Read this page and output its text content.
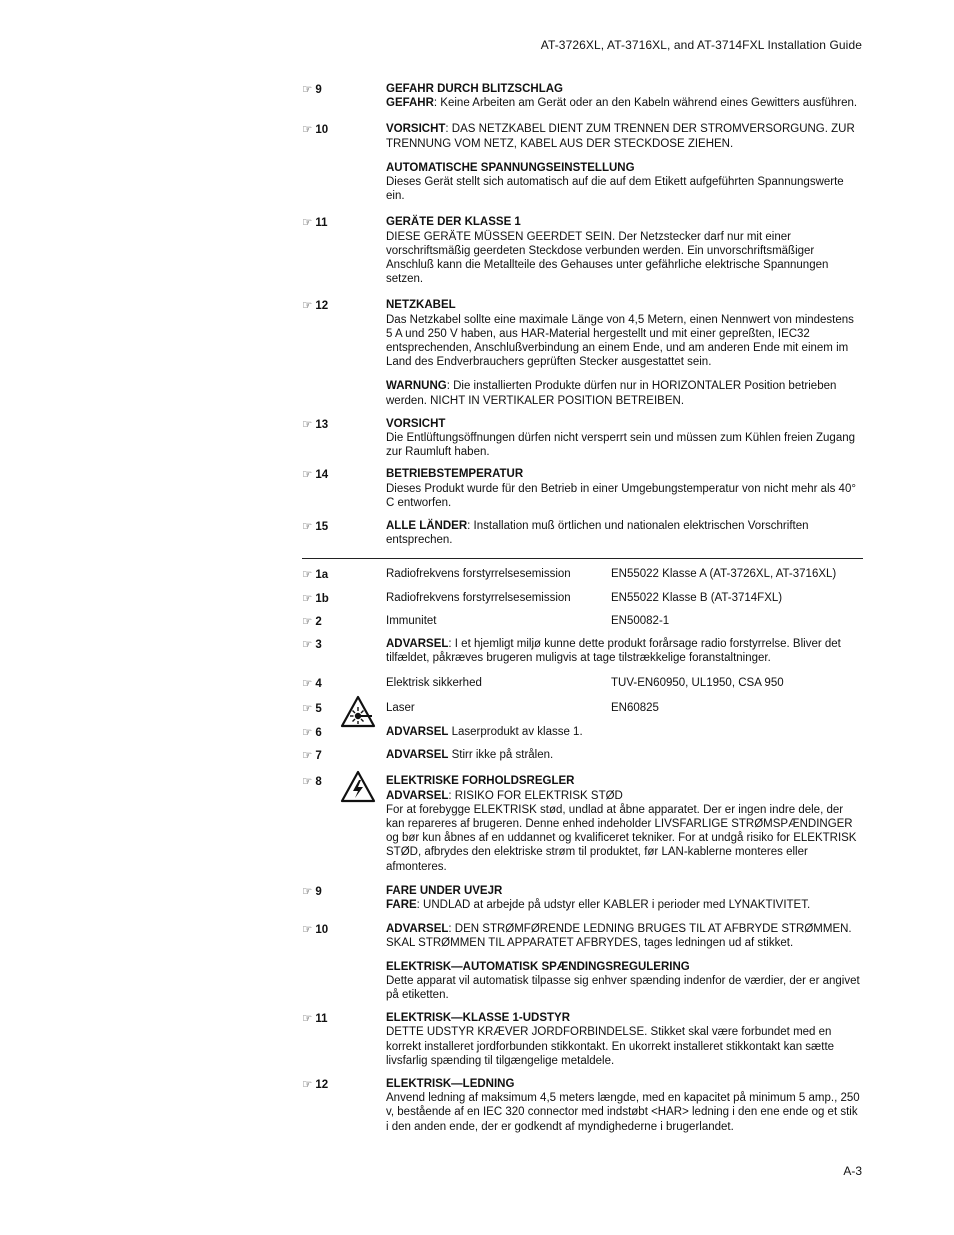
AT-3726XL, AT-3716XL, and AT-3714FXL Installation Guide
☞ 9	GEFAHR DURCH BLITZSCHLAG
GEFAHR: Keine Arbeiten am Gerät oder an den Kabeln während eines Gewitters ausführen.
☞ 10	VORSICHT: DAS NETZKABEL DIENT ZUM TRENNEN DER STROMVERSORGUNG. ZUR TRENNUNG VOM NETZ, KABEL AUS DER STECKDOSE ZIEHEN.
AUTOMATISCHE SPANNUNGSEINSTELLUNG
Dieses Gerät stellt sich automatisch auf die auf dem Etikett aufgeführten Spannungswerte ein.
☞ 11	GERÄTE DER KLASSE 1
DIESE GERÄTE MÜSSEN GEERDET SEIN. Der Netzstecker darf nur mit einer vorschriftsmäßig geerdeten Steckdose verbunden werden. Ein unvorschriftsmäßiger Anschluß kann die Metallteile des Gehauses unter gefährliche elektrische Spannungen setzen.
☞ 12	NETZKABEL
Das Netzkabel sollte eine maximale Länge von 4,5 Metern, einen Nennwert von mindestens 5 A und 250 V haben, aus HAR-Material hergestellt und mit einer gepreßten, IEC32 entsprechenden, Anschlußverbindung an einem Ende, und am anderen Ende mit einem im Land des Endverbrauchers geprüften Stecker ausgestattet sein.
WARNUNG: Die installierten Produkte dürfen nur in HORIZONTALER Position betrieben werden. NICHT IN VERTIKALER POSITION BETREIBEN.
☞ 13	VORSICHT
Die Entlüftungsöffnungen dürfen nicht versperrt sein und müssen zum Kühlen freien Zugang zur Raumluft haben.
☞ 14	BETRIEBSTEMPERATUR
Dieses Produkt wurde für den Betrieb in einer Umgebungstemperatur von nicht mehr als 40° C entworfen.
☞ 15	ALLE LÄNDER: Installation muß örtlichen und nationalen elektrischen Vorschriften entsprechen.
☞ 1a	Radiofrekvens forstyrrelsesemission	EN55022 Klasse A (AT-3726XL, AT-3716XL)
☞ 1b	Radiofrekvens forstyrrelsesemission	EN55022 Klasse B (AT-3714FXL)
☞ 2	Immunitet	EN50082-1
☞ 3	ADVARSEL: I et hjemligt miljø kunne dette produkt forårsage radio forstyrrelse. Bliver det tilfældet, påkræves brugeren muligvis at tage tilstrækkelige foranstaltninger.
☞ 4	Elektrisk sikkerhed	TUV-EN60950, UL1950, CSA 950
☞ 5	Laser	EN60825
☞ 6	ADVARSEL Laserprodukt av klasse 1.
☞ 7	ADVARSEL Stirr ikke på strålen.
☞ 8	ELEKTRISKE FORHOLDSREGLER
ADVARSEL: RISIKO FOR ELEKTRISK STØD
For at forebygge ELEKTRISK stød, undlad at åbne apparatet. Der er ingen indre dele, der kan repareres af brugeren. Denne enhed indeholder LIVSFARLIGE STRØMSPÆNDINGER og bør kun åbnes af en uddannet og kvalificeret tekniker. For at undgå risiko for ELEKTRISK STØD, afbrydes den elektriske strøm til produktet, før LAN-kablerne monteres eller afmonteres.
☞ 9	FARE UNDER UVEJR
FARE: UNDLAD at arbejde på udstyr eller KABLER i perioder med LYNAKTIVITET.
☞ 10	ADVARSEL: DEN STRØMFØRENDE LEDNING BRUGES TIL AT AFBRYDE STRØMMEN. SKAL STRØMMEN TIL APPARATET AFBRYDES, tages ledningen ud af stikket.
ELEKTRISK—AUTOMATISK SPÆNDINGSREGULERING
Dette apparat vil automatisk tilpasse sig enhver spænding indenfor de værdier, der er angivet på etiketten.
☞ 11	ELEKTRISK—KLASSE 1-UDSTYR
DETTE UDSTYR KRÆVER JORDFORBINDELSE. Stikket skal være forbundet med en korrekt installeret jordforbunden stikkontakt. En ukorrekt installeret stikkontakt kan sætte livsfarlig spænding til tilgængelige metaldele.
☞ 12	ELEKTRISK—LEDNING
Anvend ledning af maksimum 4,5 meters længde, med en kapacitet på minimum 5 amp., 250 v, bestående af en IEC 320 connector med indstøbt <HAR> ledning i den ene ende og et stik i den anden ende, der er godkendt af myndighederne i brugerlandet.
A-3
